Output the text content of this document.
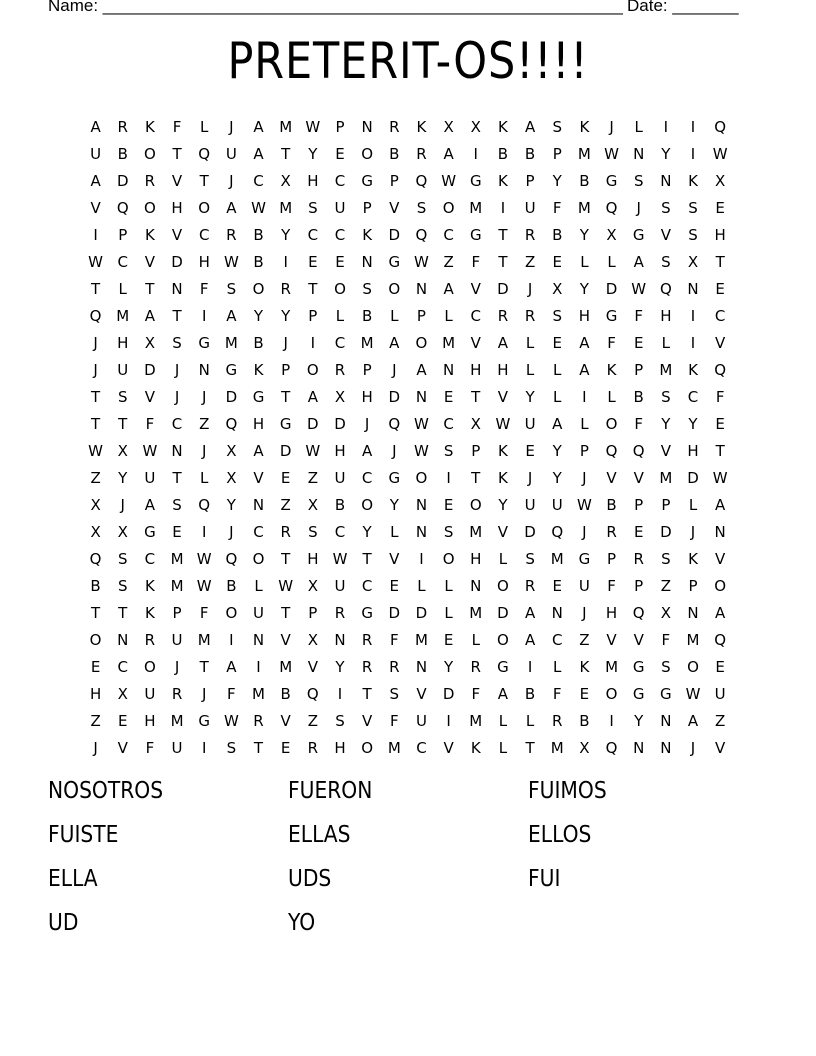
Name: _______________________________________________________ Date: _______
PRETERIT-OS!!!!
A	R	K	F	L	J	A	M W	P	N	R	K	X	X	K	A	S	K	J	L	I	I	Q
U	B	O	T	Q	U	A	T	Y	E	O	B	R	A	I	B	B	P	M W N	Y	I	W
A	D	R	V	T	J	C	X	H	C	G	P	Q W G	K	P	Y	B	G	S	N	K	X
V	Q	O	H	O	A W M	S	U	P	V	S	O M	I	U	F	M Q	J	S	S	E
I	P	K	V	C	R	B	Y	C	C	K	D	Q	C	G	T	R	B	Y	X	G	V	S	H
W C	V	D	H W B	I	E	E	N	G W Z	F	T	Z	E	L	L	A	S	X	T
T	L	T	N	F	S	O	R	T	O	S	O	N	A	V	D	J	X	Y	D W Q	N	E
Q M	A	T	I	A	Y	Y	P	L	B	L	P	L	C	R	R	S	H	G	F	H	I	C
J	H	X	S	G M	B	J	I	C	M	A	O M	V	A	L	E	A	F	E	L	I	V
J	U	D	J	N	G	K	P	O	R	P	J	A	N	H	H	L	L	A	K	P	M	K	Q
T	S	V	J	J	D	G	T	A	X	H	D	N	E	T	V	Y	L	I	L	B	S	C	F
T	T	F	C	Z	Q	H	G	D	D	J	Q W C	X W U	A	L	O	F	Y	Y	E
W X W N	J	X	A	D W H	A	J	W S	P	K	E	Y	P	Q	Q	V	H	T
Z	Y	U	T	L	X	V	E	Z	U	C	G	O	I	T	K	J	Y	J	V	V	M D W
X	J	A	S	Q	Y	N	Z	X	B	O	Y	N	E	O	Y	U	U W B	P	P	L	A
X	X	G	E	I	J	C	R	S	C	Y	L	N	S	M	V	D	Q	J	R	E	D	J	N
Q	S	C	M W Q	O	T	H W	T	V	I	O	H	L	S	M G	P	R	S	K	V
B	S	K	M W B	L	W X	U	C	E	L	L	N	O	R	E	U	F	P	Z	P	O
T	T	K	P	F	O	U	T	P	R	G	D	D	L	M D	A	N	J	H	Q	X	N	A
O	N	R	U	M	I	N	V	X	N	R	F	M	E	L	O	A	C	Z	V	V	F	M Q
E	C	O	J	T	A	I	M	V	Y	R	R	N	Y	R	G	I	L	K	M G	S	O	E
H	X	U	R	J	F	M	B	Q	I	T	S	V	D	F	A	B	F	E	O	G	G W U
Z	E	H	M G W R	V	Z	S	V	F	U	I	M	L	L	R	B	I	Y	N	A	Z
J	V	F	U	I	S	T	E	R	H	O M	C	V	K	L	T	M	X	Q	N	N	J	V
NOSOTROS	FUERON	FUIMOS
FUISTE	ELLAS	ELLOS
ELLA	UDS	FUI
UD	YO
